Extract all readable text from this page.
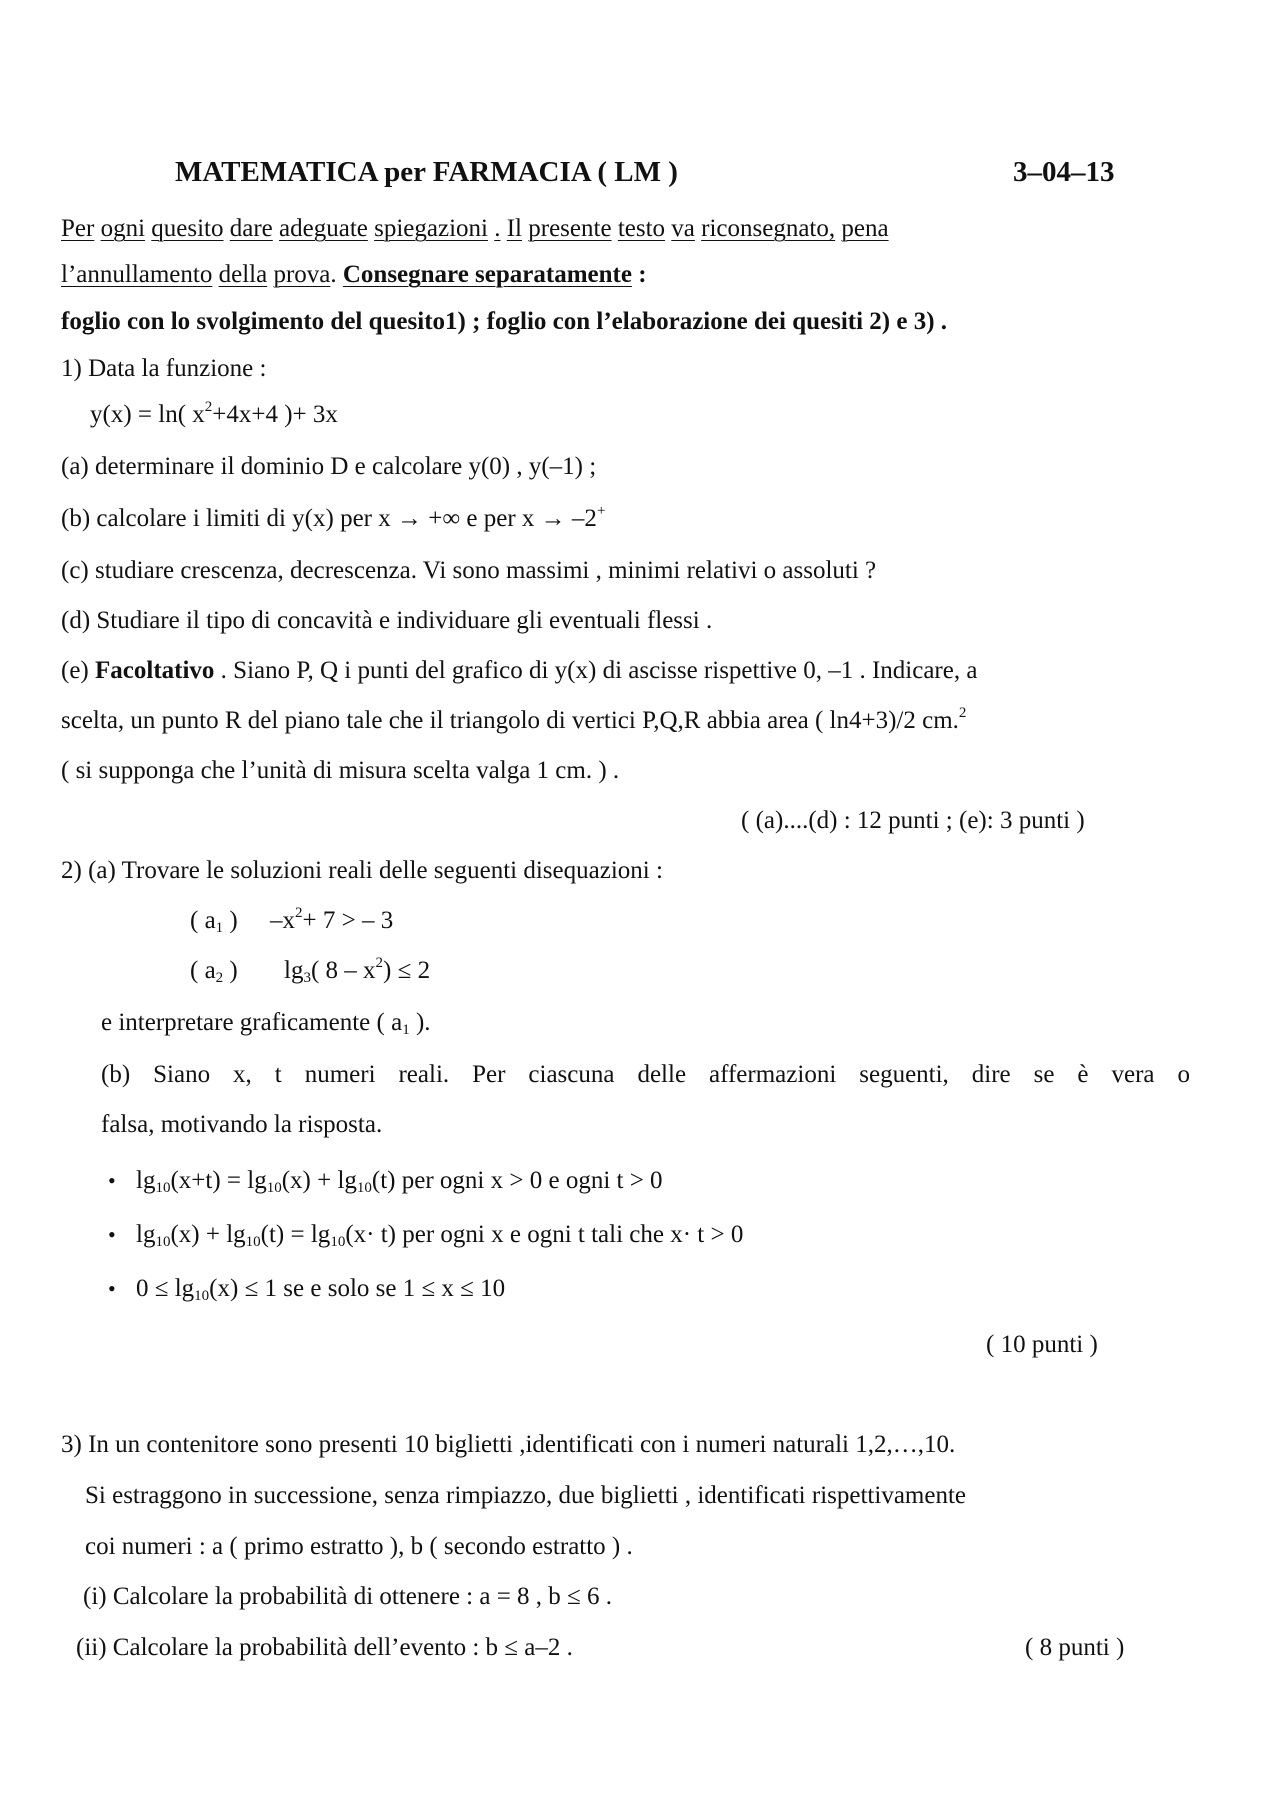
MATEMATICA per FARMACIA ( LM )	3–04–13
Per ogni quesito dare adeguate spiegazioni . Il presente testo va riconsegnato, pena
l’annullamento della prova. Consegnare separatamente :
foglio con lo svolgimento del quesito1) ; foglio con l’elaborazione dei quesiti 2) e 3) .
1) Data la funzione :
y(x) = ln( $x^2+4x+4$ )+ 3x
(a) determinare il dominio D e calcolare y(0) , y(–1) ;
(b) calcolare i limiti di y(x) per x → +∞ e per x → –2+
(c) studiare crescenza, decrescenza. Vi sono massimi , minimi relativi o assoluti ?
(d) Studiare il tipo di concavità e individuare gli eventuali flessi .
(e) Facoltativo . Siano P, Q i punti del grafico di y(x) di ascisse rispettive 0, –1 . Indicare, a
scelta, un punto R del piano tale che il triangolo di vertici P,Q,R abbia area ( ln4+3)/2 cm.$^2$
( si supponga che l’unità di misura scelta valga 1 cm. ) .
( (a)....(d) : 12 punti ; (e): 3 punti )
2) (a) Trovare le soluzioni reali delle seguenti disequazioni :
( $a_1$ ) $-x^2+ 7$ > – 3
( $a_2$ ) $\lg_3$( $8 - x^2) \le 2$
e interpretare graficamente ( $a_1$ ).
(b) Siano x, t numeri reali. Per ciascuna delle affermazioni seguenti, dire se è vera o
falsa, motivando la risposta.
• $\lg_{10}(x+t) = \lg_{10}(x) + \lg_{10}(t)$ per ogni x > 0 e ogni t > 0
• $\lg_{10}(x) + \lg_{10}(t) = \lg_{10}(x\cdot t)$ per ogni x e ogni t tali che x· t > 0
• $0 \le \lg_{10}(x) \le 1$ se e solo se 1 ≤ x ≤ 10
( 10 punti )
3) In un contenitore sono presenti 10 biglietti ,identificati con i numeri naturali 1,2,…,10.
Si estraggono in successione, senza rimpiazzo, due biglietti , identificati rispettivamente
coi numeri : a ( primo estratto ), b ( secondo estratto ) .
(i) Calcolare la probabilità di ottenere : a = 8 , b ≤ 6 .
(ii) Calcolare la probabilità dell’evento : b ≤ a–2 .	( 8 punti )
